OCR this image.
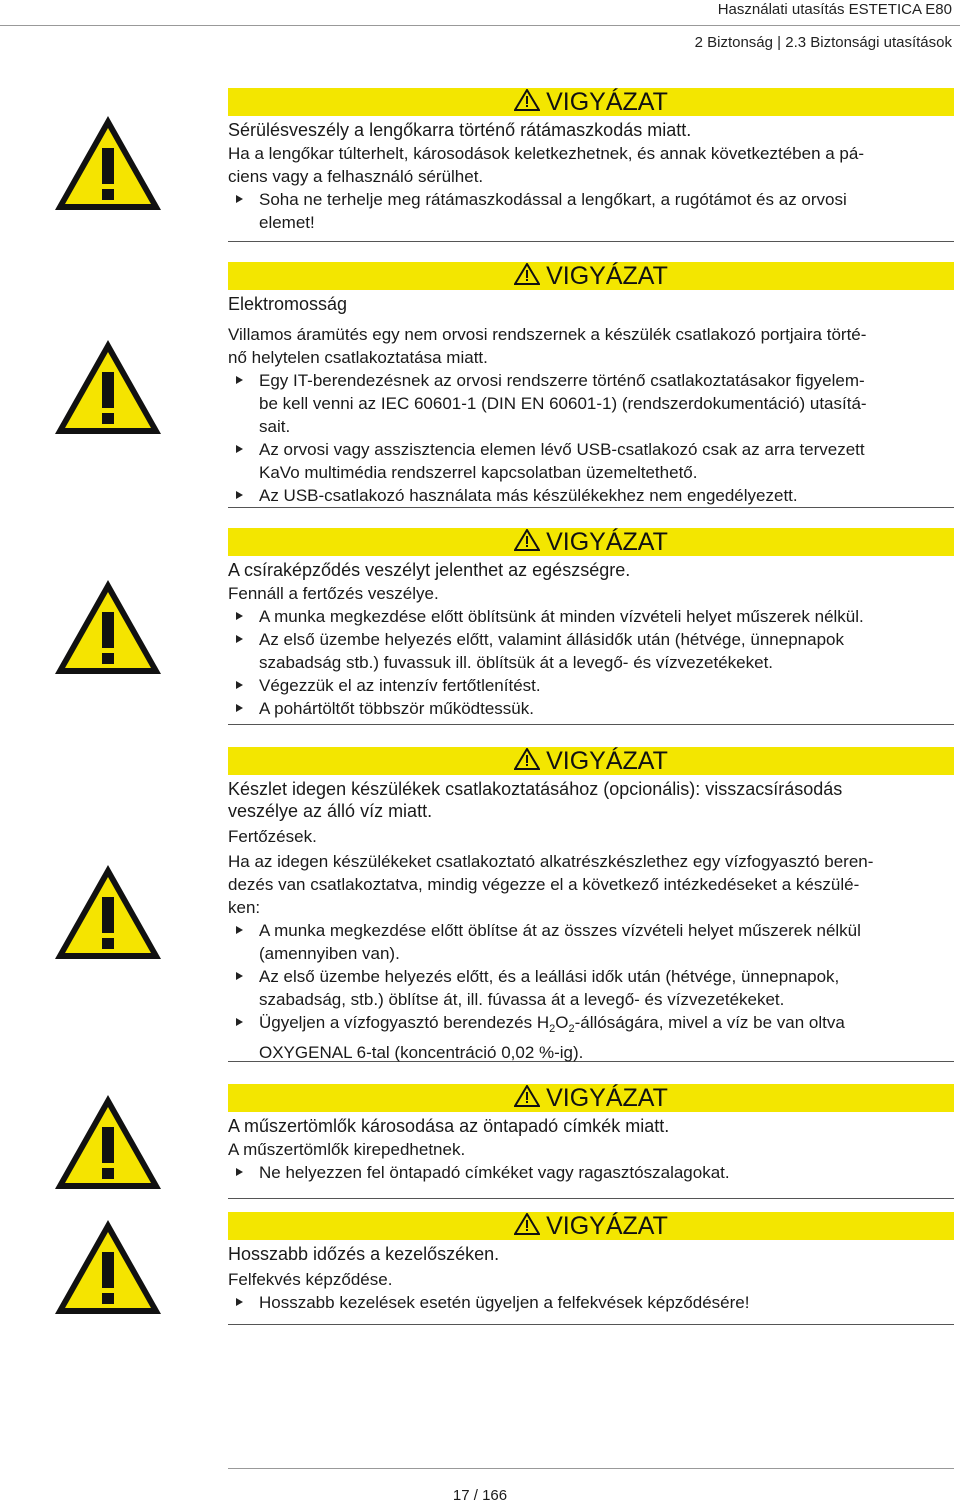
Használati utasítás ESTETICA E80
2 Biztonság | 2.3 Biztonsági utasítások
VIGYÁZAT
Sérülésveszély a lengőkarra történő rátámaszkodás miatt.
Ha a lengőkar túlterhelt, károsodások keletkezhetnek, és annak következtében a pá-
ciens vagy a felhasználó sérülhet.
Soha ne terhelje meg rátámaszkodással a lengőkart, a rugótámot és az orvosi
elemet!
VIGYÁZAT
Elektromosság
Villamos áramütés egy nem orvosi rendszernek a készülék csatlakozó portjaira törté-
nő helytelen csatlakoztatása miatt.
Egy IT-berendezésnek az orvosi rendszerre történő csatlakoztatásakor figyelem-
be kell venni az IEC 60601-1 (DIN EN 60601-1) (rendszerdokumentáció) utasítá-
sait.
Az orvosi vagy asszisztencia elemen lévő USB-csatlakozó csak az arra tervezett
KaVo multimédia rendszerrel kapcsolatban üzemeltethető.
Az USB-csatlakozó használata más készülékekhez nem engedélyezett.
VIGYÁZAT
A csíraképződés veszélyt jelenthet az egészségre.
Fennáll a fertőzés veszélye.
A munka megkezdése előtt öblítsünk át minden vízvételi helyet műszerek nélkül.
Az első üzembe helyezés előtt, valamint állásidők után (hétvége, ünnepnapok
szabadság stb.) fuvassuk ill. öblítsük át a levegő- és vízvezetékeket.
Végezzük el az intenzív fertőtlenítést.
A pohártöltőt többször működtessük.
VIGYÁZAT
Készlet idegen készülékek csatlakoztatásához (opcionális): visszacsírásodás
veszélye az álló víz miatt.
Fertőzések.
Ha az idegen készülékeket csatlakoztató alkatrészkészlethez egy vízfogyasztó beren-
dezés van csatlakoztatva, mindig végezze el a következő intézkedéseket a készülé-
ken:
A munka megkezdése előtt öblítse át az összes vízvételi helyet műszerek nélkül
(amennyiben van).
Az első üzembe helyezés előtt, és a leállási idők után (hétvége, ünnepnapok,
szabadság, stb.) öblítse át, ill. fúvassa át a levegő- és vízvezetékeket.
Ügyeljen a vízfogyasztó berendezés $H_2O_2$-állóságára, mivel a víz be van oltva
OXYGENAL 6-tal (koncentráció 0,02 %-ig).
VIGYÁZAT
A műszertömlők károsodása az öntapadó címkék miatt.
A műszertömlők kirepedhetnek.
Ne helyezzen fel öntapadó címkéket vagy ragasztószalagokat.
VIGYÁZAT
Hosszabb időzés a kezelőszéken.
Felfekvés képződése.
Hosszabb kezelések esetén ügyeljen a felfekvések képződésére!
17 / 166
